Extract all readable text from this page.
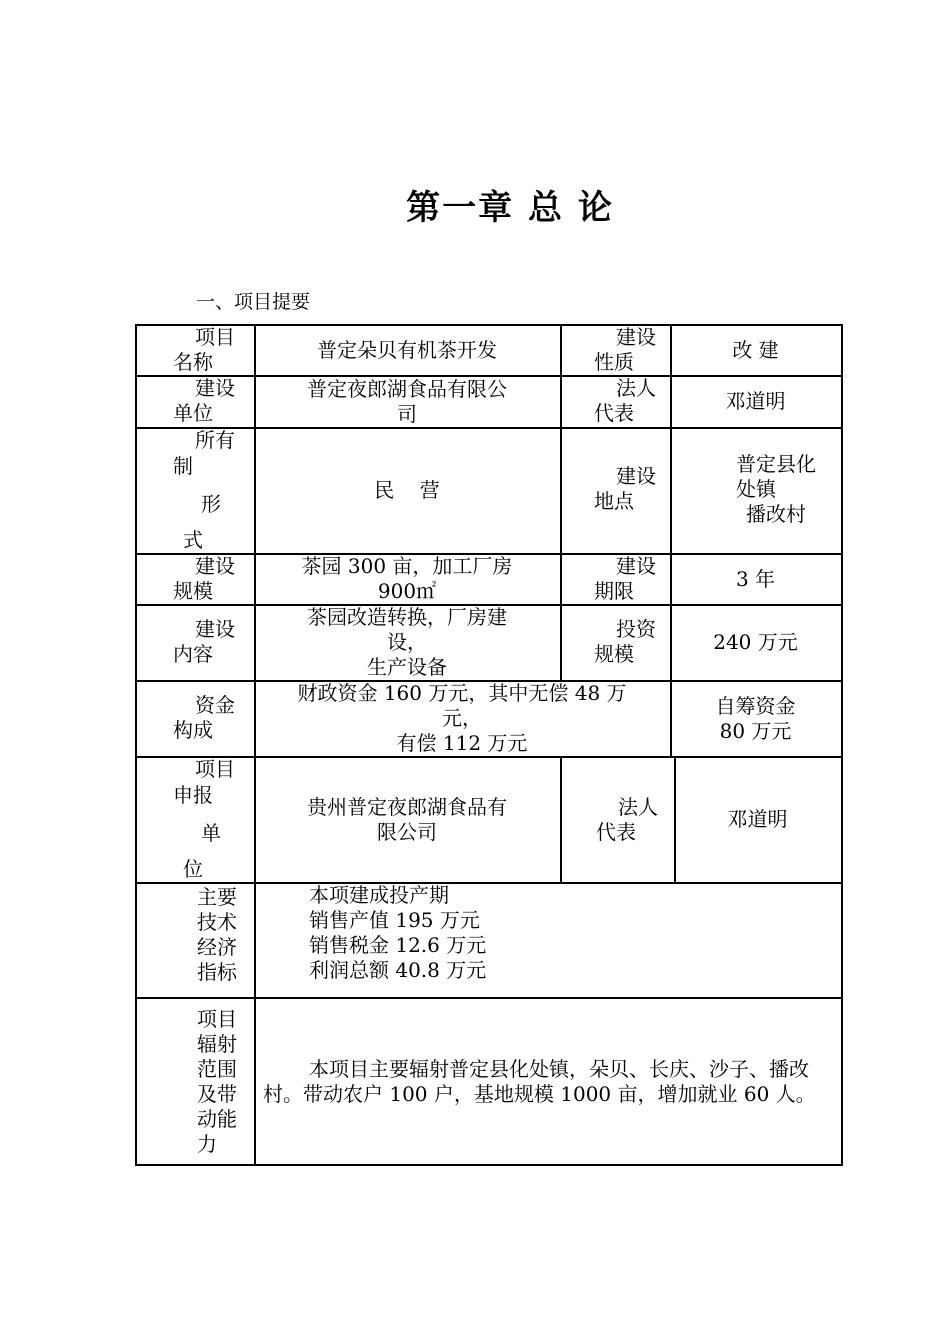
第一章 总 论
一、项目提要
项目
名称
普定朵贝有机茶开发
建设
性质
改 建
建设
单位
普定夜郎湖食品有限公
司
法人
代表	邓道明
所有
制
形
式
民    营
建设
地点
普定县化
处镇
播改村
建设
规模
茶园 300 亩，加工厂房
900㎡
建设
期限
3 年
建设
内容
茶园改造转换，厂房建
设，
生产设备
投资
规模	240 万元
资金
构成
财政资金 160 万元，其中无偿 48 万
元，
有偿 112 万元
自筹资金
80 万元
项目
申报
单
位
贵州普定夜郎湖食品有
限公司
法人
代表
邓道明
主要
技术
经济
指标
本项建成投产期
销售产值 195 万元
销售税金 12.6 万元
利润总额 40.8 万元
项目
辐射
范围
及带
动能
力
本项目主要辐射普定县化处镇，朵贝、长庆、沙子、播改
村。带动农户 100 户，基地规模 1000 亩，增加就业 60 人。
